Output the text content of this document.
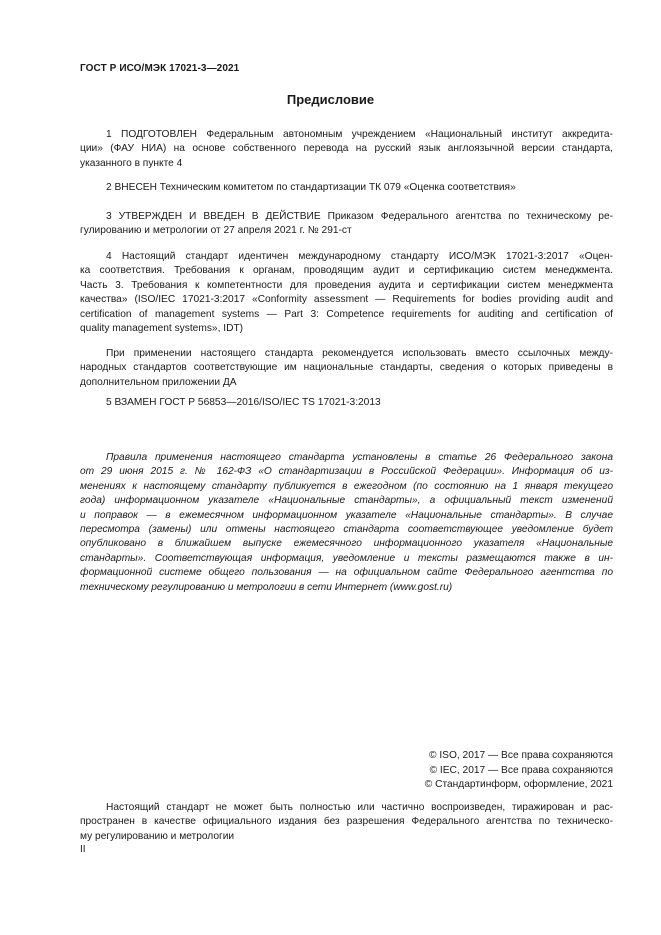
ГОСТ Р ИСО/МЭК 17021-3—2021
Предисловие
1 ПОДГОТОВЛЕН Федеральным автономным учреждением «Национальный институт аккредита-
ции» (ФАУ НИА) на основе собственного перевода на русский язык англоязычной версии стандарта,
указанного в пункте 4
2 ВНЕСЕН Техническим комитетом по стандартизации ТК 079 «Оценка соответствия»
3 УТВЕРЖДЕН И ВВЕДЕН В ДЕЙСТВИЕ Приказом Федерального агентства по техническому ре-
гулированию и метрологии от 27 апреля 2021 г. № 291-ст
4 Настоящий стандарт идентичен международному стандарту ИСО/МЭК 17021-3:2017 «Оцен-
ка соответствия. Требования к органам, проводящим аудит и сертификацию систем менеджмента.
Часть 3. Требования к компетентности для проведения аудита и сертификации систем менеджмента
качества» (ISO/IEC 17021-3:2017 «Conformity assessment — Requirements for bodies providing audit and
certification of management systems — Part 3: Competence requirements for auditing and certification of
quality management systems», IDT)
При применении настоящего стандарта рекомендуется использовать вместо ссылочных между-
народных стандартов соответствующие им национальные стандарты, сведения о которых приведены в
дополнительном приложении ДА
5 ВЗАМЕН ГОСТ Р 56853—2016/ISO/IEC TS 17021-3:2013
Правила применения настоящего стандарта установлены в статье 26 Федерального закона
от 29 июня 2015 г. № 162-ФЗ «О стандартизации в Российской Федерации». Информация об из-
менениях к настоящему стандарту публикуется в ежегодном (по состоянию на 1 января текущего
года) информационном указателе «Национальные стандарты», а официальный текст изменений
и поправок — в ежемесячном информационном указателе «Национальные стандарты». В случае
пересмотра (замены) или отмены настоящего стандарта соответствующее уведомление будет
опубликовано в ближайшем выпуске ежемесячного информационного указателя «Национальные
стандарты». Соответствующая информация, уведомление и тексты размещаются также в ин-
формационной системе общего пользования — на официальном сайте Федерального агентства по
техническому регулированию и метрологии в сети Интернет (www.gost.ru)
© ISO, 2017 — Все права сохраняются
© IEC, 2017 — Все права сохраняются
© Стандартинформ, оформление, 2021
Настоящий стандарт не может быть полностью или частично воспроизведен, тиражирован и рас-
пространен в качестве официального издания без разрешения Федерального агентства по техническо-
му регулированию и метрологии
II
